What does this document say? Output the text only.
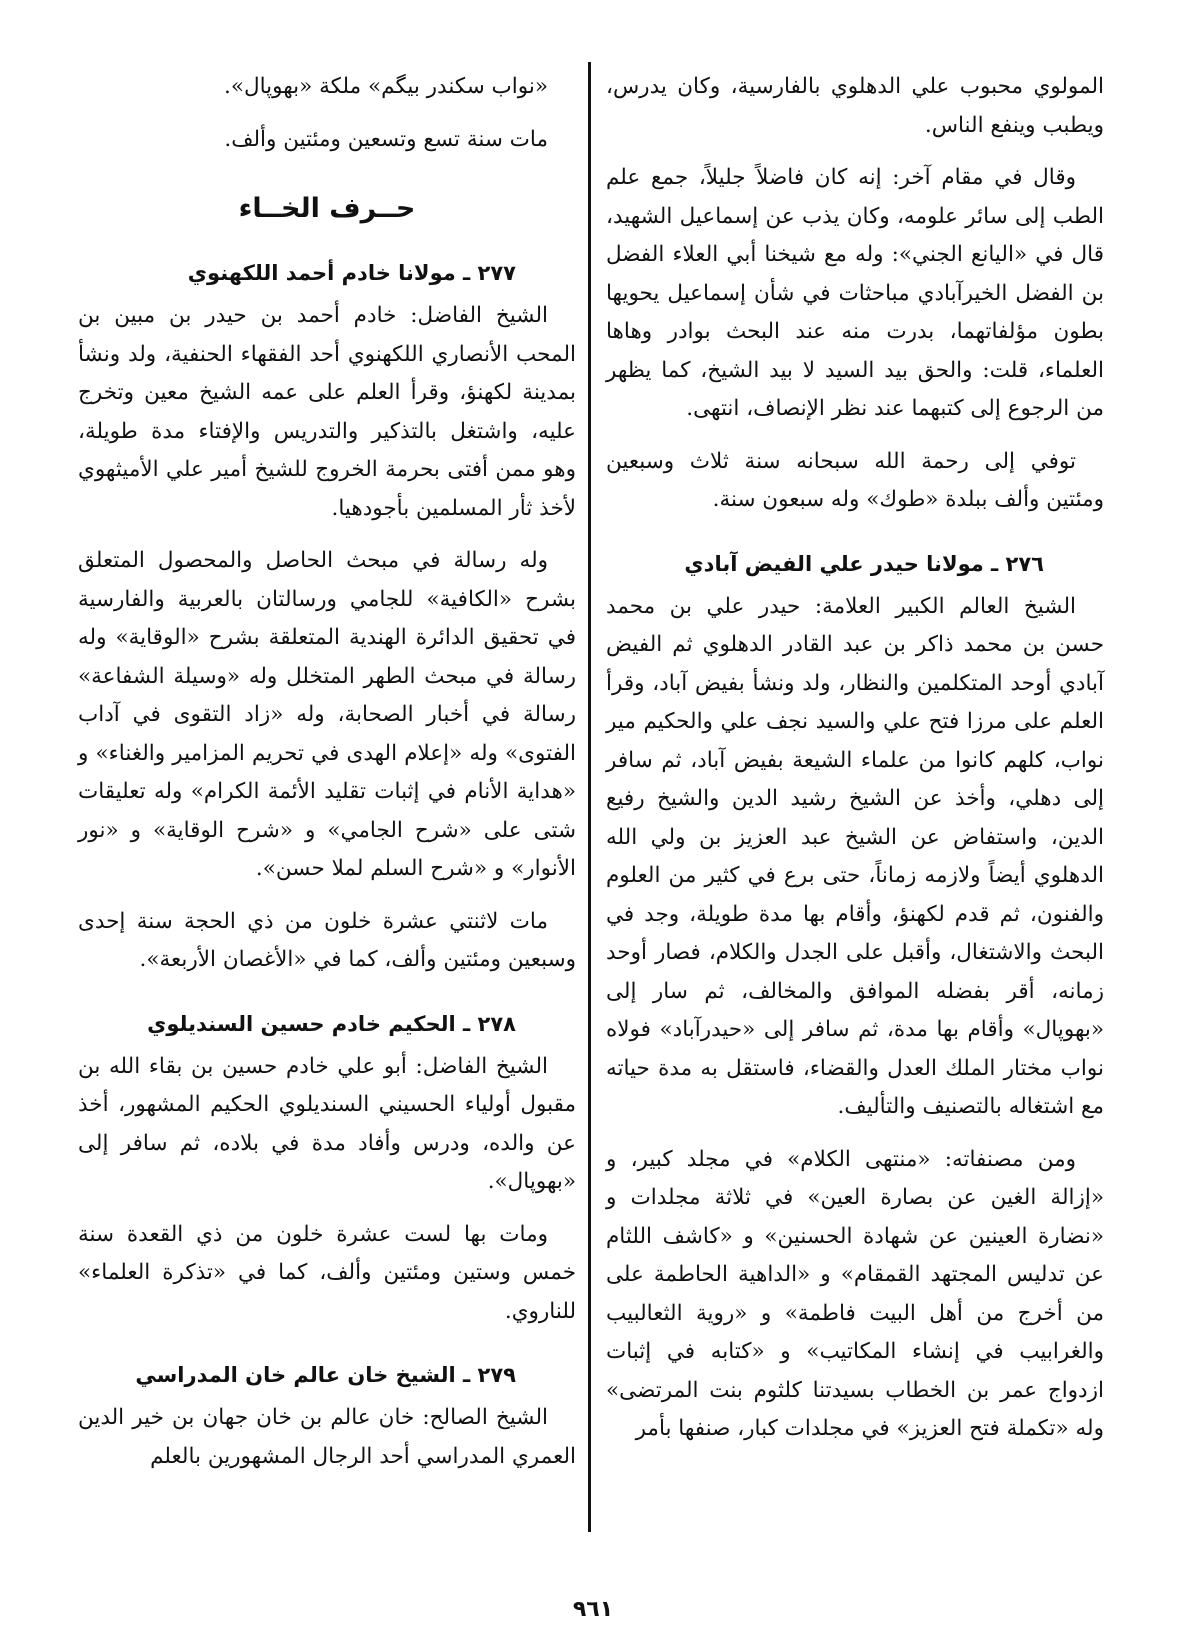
المولوي محبوب علي الدهلوي بالفارسية، وكان يدرس، ويطبب وينفع الناس.

وقال في مقام آخر: إنه كان فاضلاً جليلاً، جمع علم الطب إلى سائر علومه، وكان يذب عن إسماعيل الشهيد، قال في «اليانع الجني»: وله مع شيخنا أبي العلاء الفضل بن الفضل الخيرآبادي مباحثات في شأن إسماعيل يحويها بطون مؤلفاتهما، بدرت منه عند البحث بوادر وهاها العلماء، قلت: والحق بيد السيد لا بيد الشيخ، كما يظهر من الرجوع إلى كتبهما عند نظر الإنصاف، انتهى.

توفي إلى رحمة الله سبحانه سنة ثلاث وسبعين ومئتين وألف ببلدة «طوك» وله سبعون سنة.

٢٧٦ ـ مولانا حيدر علي الفيض آبادي

الشيخ العالم الكبير العلامة: حيدر علي بن محمد حسن بن محمد ذاكر بن عبد القادر الدهلوي ثم الفيض آبادي أوحد المتكلمين والنظار، ولد ونشأ بفيض آباد، وقرأ العلم على مرزا فتح علي والسيد نجف علي والحكيم مير نواب، كلهم كانوا من علماء الشيعة بفيض آباد، ثم سافر إلى دهلي، وأخذ عن الشيخ رشيد الدين والشيخ رفيع الدين، واستفاض عن الشيخ عبد العزيز بن ولي الله الدهلوي أيضاً ولازمه زماناً، حتى برع في كثير من العلوم والفنون، ثم قدم لكهنؤ، وأقام بها مدة طويلة، وجد في البحث والاشتغال، وأقبل على الجدل والكلام، فصار أوحد زمانه، أقر بفضله الموافق والمخالف، ثم سار إلى «بهوپال» وأقام بها مدة، ثم سافر إلى «حيدرآباد» فولاه نواب مختار الملك العدل والقضاء، فاستقل به مدة حياته مع اشتغاله بالتصنيف والتأليف.

ومن مصنفاته: «منتهى الكلام» في مجلد كبير، و «إزالة الغين عن بصارة العين» في ثلاثة مجلدات و «نضارة العينين عن شهادة الحسنين» و «كاشف اللثام عن تدليس المجتهد القمقام» و «الداهية الحاطمة على من أخرج من أهل البيت فاطمة» و «روية الثعالبيب والغرابيب في إنشاء المكاتيب» و «كتابه في إثبات ازدواج عمر بن الخطاب بسيدتنا كلثوم بنت المرتضى» وله «تكملة فتح العزيز» في مجلدات كبار، صنفها بأمر

«نواب سكندر بيگم» ملكة «بهوپال».

مات سنة تسع وتسعين ومئتين وألف.

حــرف الخــاء
٢٧٧ ـ مولانا خادم أحمد اللكهنوي

الشيخ الفاضل: خادم أحمد بن حيدر بن مبين بن المحب الأنصاري اللكهنوي أحد الفقهاء الحنفية، ولد ونشأ بمدينة لكهنؤ، وقرأ العلم على عمه الشيخ معين وتخرج عليه، واشتغل بالتذكير والتدريس والإفتاء مدة طويلة، وهو ممن أفتى بحرمة الخروج للشيخ أمير علي الأميثهوي لأخذ ثأر المسلمين بأجودهيا.

وله رسالة في مبحث الحاصل والمحصول المتعلق بشرح «الكافية» للجامي ورسالتان بالعربية والفارسية في تحقيق الدائرة الهندية المتعلقة بشرح «الوقاية» وله رسالة في مبحث الطهر المتخلل وله «وسيلة الشفاعة» رسالة في أخبار الصحابة، وله «زاد التقوى في آداب الفتوى» وله «إعلام الهدى في تحريم المزامير والغناء» و «هداية الأنام في إثبات تقليد الأئمة الكرام» وله تعليقات شتى على «شرح الجامي» و «شرح الوقاية» و «نور الأنوار» و «شرح السلم لملا حسن».

مات لاثنتي عشرة خلون من ذي الحجة سنة إحدى وسبعين ومئتين وألف، كما في «الأغصان الأربعة».

٢٧٨ ـ الحكيم خادم حسين السنديلوي

الشيخ الفاضل: أبو علي خادم حسين بن بقاء الله بن مقبول أولياء الحسيني السنديلوي الحكيم المشهور، أخذ عن والده، ودرس وأفاد مدة في بلاده، ثم سافر إلى «بهوپال».

ومات بها لست عشرة خلون من ذي القعدة سنة خمس وستين ومئتين وألف، كما في «تذكرة العلماء» للناروي.

٢٧٩ ـ الشيخ خان عالم خان المدراسي

الشيخ الصالح: خان عالم بن خان جهان بن خير الدين العمري المدراسي أحد الرجال المشهورين بالعلم

٩٦١
